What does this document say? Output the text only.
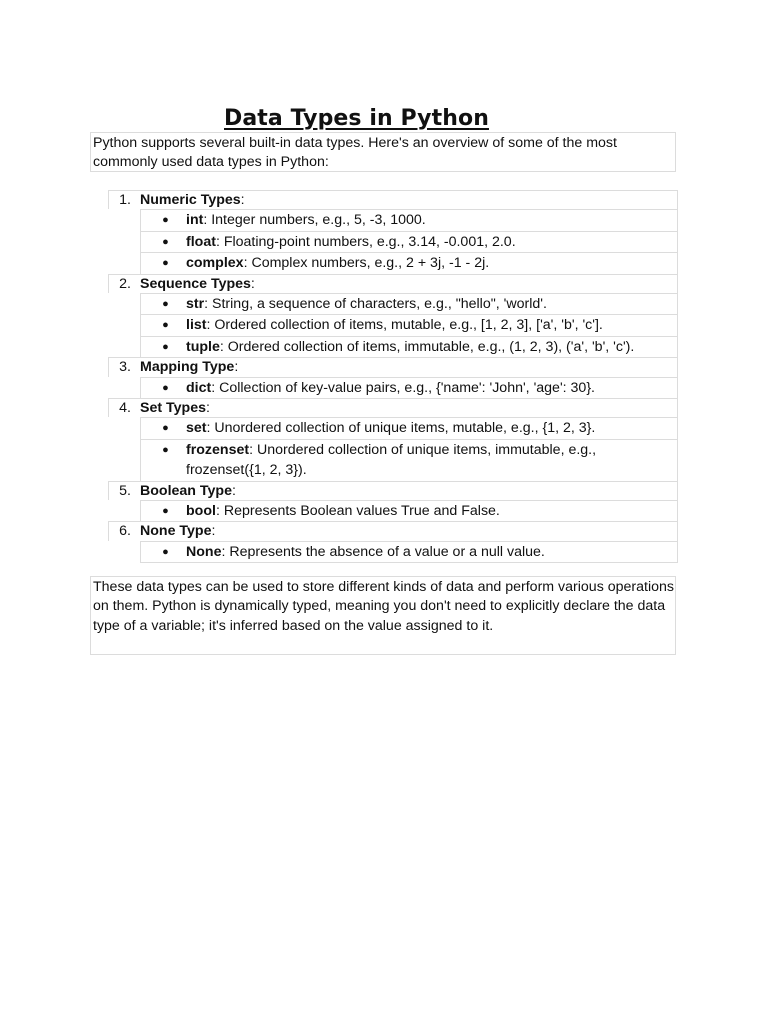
Data Types in Python
Python supports several built-in data types. Here's an overview of some of the most commonly used data types in Python:
1. Numeric Types:
●	int: Integer numbers, e.g., 5, -3, 1000.
●	float: Floating-point numbers, e.g., 3.14, -0.001, 2.0.
●	complex: Complex numbers, e.g., 2 + 3j, -1 - 2j.
2. Sequence Types:
●	str: String, a sequence of characters, e.g., "hello", 'world'.
●	list: Ordered collection of items, mutable, e.g., [1, 2, 3], ['a', 'b', 'c'].
●	tuple: Ordered collection of items, immutable, e.g., (1, 2, 3), ('a', 'b', 'c').
3. Mapping Type:
●	dict: Collection of key-value pairs, e.g., {'name': 'John', 'age': 30}.
4. Set Types:
●	set: Unordered collection of unique items, mutable, e.g., {1, 2, 3}.
●	frozenset: Unordered collection of unique items, immutable, e.g., frozenset({1, 2, 3}).
5. Boolean Type:
●	bool: Represents Boolean values True and False.
6. None Type:
●	None: Represents the absence of a value or a null value.
These data types can be used to store different kinds of data and perform various operations on them. Python is dynamically typed, meaning you don't need to explicitly declare the data type of a variable; it's inferred based on the value assigned to it.
